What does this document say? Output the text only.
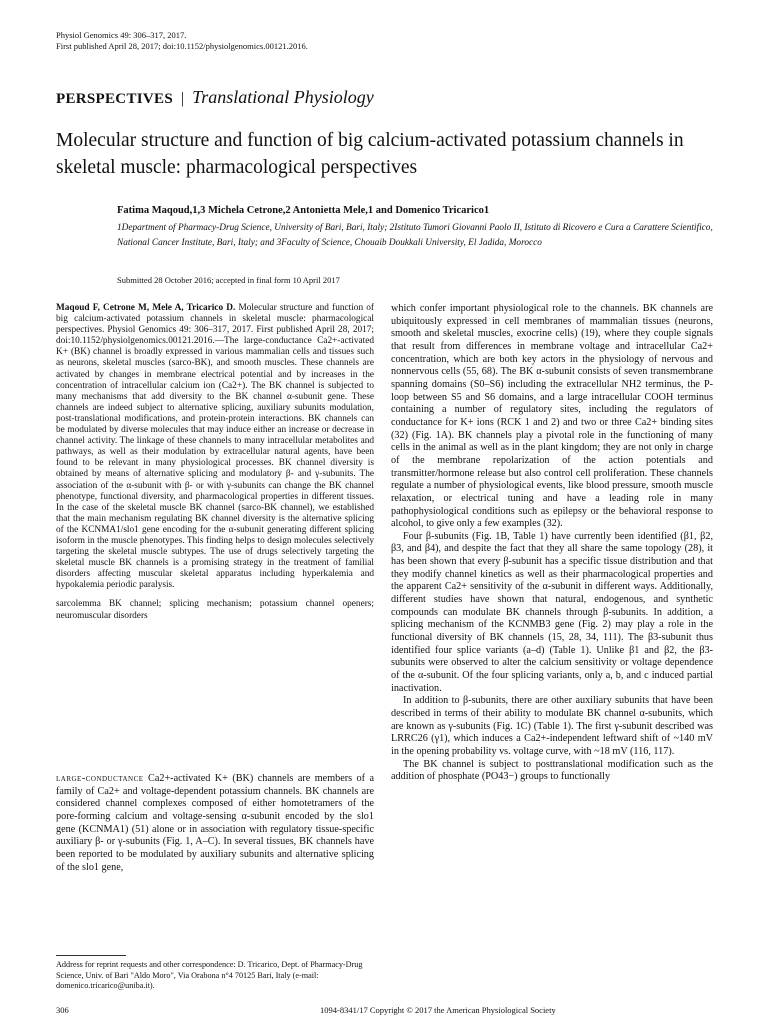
Physiol Genomics 49: 306–317, 2017.
First published April 28, 2017; doi:10.1152/physiolgenomics.00121.2016.
PERSPECTIVES | Translational Physiology
Molecular structure and function of big calcium-activated potassium channels in skeletal muscle: pharmacological perspectives
Fatima Maqoud,1,3 Michela Cetrone,2 Antonietta Mele,1 and Domenico Tricarico1
1Department of Pharmacy-Drug Science, University of Bari, Bari, Italy; 2Istituto Tumori Giovanni Paolo II, Istituto di Ricovero e Cura a Carattere Scientifico, National Cancer Institute, Bari, Italy; and 3Faculty of Science, Chouaib Doukkali University, El Jadida, Morocco
Submitted 28 October 2016; accepted in final form 10 April 2017

Maqoud F, Cetrone M, Mele A, Tricarico D. Molecular structure and function of big calcium-activated potassium channels in skeletal muscle: pharmacological perspectives. Physiol Genomics 49: 306–317, 2017. First published April 28, 2017; doi:10.1152/physiolgenomics.00121.2016.—The large-conductance Ca2+-activated K+ (BK) channel is broadly expressed in various mammalian cells and tissues such as neurons, skeletal muscles (sarco-BK), and smooth muscles. These channels are activated by changes in membrane electrical potential and by increases in the concentration of intracellular calcium ion (Ca2+). The BK channel is subjected to many mechanisms that add diversity to the BK channel α-subunit gene. These channels are indeed subject to alternative splicing, auxiliary subunits modulation, post-translational modifications, and protein-protein interactions. BK channels can be modulated by diverse molecules that may induce either an increase or decrease in channel activity. The linkage of these channels to many intracellular metabolites and pathways, as well as their modulation by extracellular natural agents, have been found to be relevant in many physiological processes. BK channel diversity is obtained by means of alternative splicing and modulatory β- and γ-subunits. The association of the α-subunit with β- or with γ-subunits can change the BK channel phenotype, functional diversity, and pharmacological properties in different tissues. In the case of the skeletal muscle BK channel (sarco-BK channel), we established that the main mechanism regulating BK channel diversity is the alternative splicing of the KCNMA1/slo1 gene encoding for the α-subunit generating different splicing isoform in the muscle phenotypes. This finding helps to design molecules selectively targeting the skeletal muscle subtypes. The use of drugs selectively targeting the skeletal muscle BK channels is a promising strategy in the treatment of familial disorders affecting muscular skeletal apparatus including hyperkalemia and hypokalemia periodic paralysis.

sarcolemma BK channel; splicing mechanism; potassium channel openers; neuromuscular disorders
large-conductance Ca2+-activated K+ (BK) channels are members of a family of Ca2+ and voltage-dependent potassium channels. BK channels are considered channel complexes composed of either homotetramers of the pore-forming calcium and voltage-sensing α-subunit encoded by the slo1 gene (KCNMA1) (51) alone or in association with regulatory tissue-specific auxiliary β- or γ-subunits (Fig. 1, A–C). In several tissues, BK channels have been reported to be modulated by auxiliary subunits and alternative splicing of the slo1 gene,

which confer important physiological role to the channels. BK channels are ubiquitously expressed in cell membranes of mammalian tissues (neurons, smooth and skeletal muscles, exocrine cells) (19), where they couple signals that result from differences in membrane voltage and intracellular Ca2+ concentration, which are both key actors in the physiology of nervous and nonnervous cells (55, 68). The BK α-subunit consists of seven transmembrane spanning domains (S0–S6) including the extracellular NH2 terminus, the P-loop between S5 and S6 domains, and a large intracellular COOH terminus containing a number of regulatory sites, including the regulators of conductance for K+ ions (RCK 1 and 2) and two or three Ca2+ binding sites (32) (Fig. 1A). BK channels play a pivotal role in the functioning of many cells in the animal as well as in the plant kingdom; they are not only in charge of the membrane repolarization of the action potentials and transmitter/hormone release but also control cell proliferation. These channels regulate a number of physiological events, like blood pressure, smooth muscle relaxation, or electrical tuning and have a leading role in many pathophysiological conditions such as epilepsy or the behavioral response to alcohol, to give only a few examples (32).

Four β-subunits (Fig. 1B, Table 1) have currently been identified (β1, β2, β3, and β4), and despite the fact that they all share the same topology (28), it has been shown that every β-subunit has a specific tissue distribution and that they modify channel kinetics as well as their pharmacological properties and the apparent Ca2+ sensitivity of the α-subunit in different ways. Additionally, different studies have shown that natural, endogenous, and synthetic compounds can modulate BK channels through β-subunits. In addition, a splicing mechanism of the KCNMB3 gene (Fig. 2) may play a role in the functional diversity of BK channels (15, 28, 34, 111). The β3-subunit thus identified four splice variants (a–d) (Table 1). Unlike β1 and β2, the β3-subunits were observed to alter the calcium sensitivity or voltage dependence of the α-subunit. Of the four splicing variants, only a, b, and c induced partial inactivation.

In addition to β-subunits, there are other auxiliary subunits that have been described in terms of their ability to modulate BK channel α-subunits, which are known as γ-subunits (Fig. 1C) (Table 1). The first γ-subunit described was LRRC26 (γ1), which induces a Ca2+-independent leftward shift of ~140 mV in the opening probability vs. voltage curve, with ~18 mV (116, 117).

The BK channel is subject to posttranslational modification such as the addition of phosphate (PO43−) groups to functionally

Address for reprint requests and other correspondence: D. Tricarico, Dept. of Pharmacy-Drug Science, Univ. of Bari "Aldo Moro", Via Orabona n°4 70125 Bari, Italy (e-mail: domenico.tricarico@uniba.it).
306	1094-8341/17 Copyright © 2017 the American Physiological Society
